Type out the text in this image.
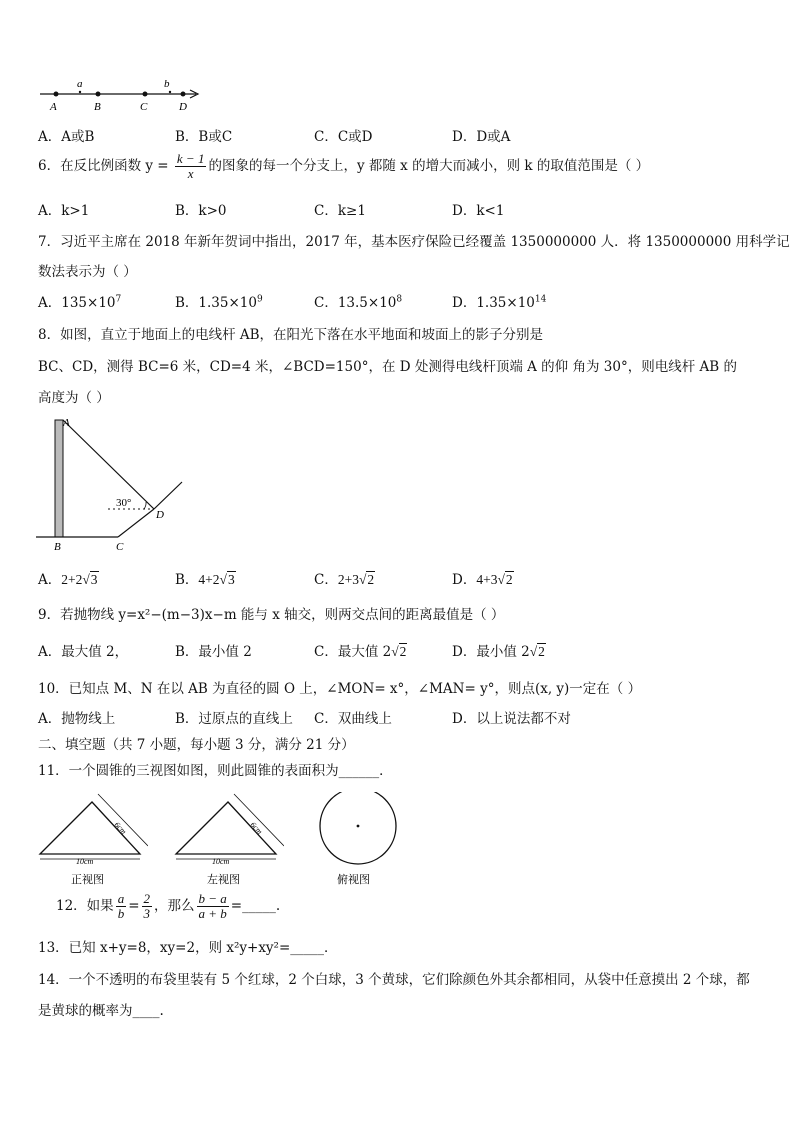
a	b
A	B	C	D
A．A或B	B．B或C	C．C或D	D．D或A
6．在反比例函数 $y = \frac{k - 1}{x}$ 的图象的每一个分支上，y 都随 x 的增大而减小，则 k 的取值范围是（ ）
A．k>1	B．k>0	C．k≥1	D．k<1
7．习近平主席在 2018 年新年贺词中指出，2017 年，基本医疗保险已经覆盖 1350000000 人．将 1350000000 用科学记
数法表示为（ ）
A．$135\times 10^7$	B．$1.35\times 10^9$	C．$13.5\times 10^8$	D．$1.35\times 10^{14}$
8．如图，直立于地面上的电线杆 AB，在阳光下落在水平地面和坡面上的影子分别是
BC、CD，测得 BC=6 米，CD=4 米，∠BCD=150°，在 D 处测得电线杆顶端 A 的仰 角为 30°，则电线杆 AB 的
高度为（ ）
30°
A
B	C
D
A．2+2√3	B．4+2√3	C．2+3√2	D．4+3√2
9．若抛物线 y=x²−(m−3)x−m 能与 x 轴交，则两交点间的距离最值是（ ）
A．最大值 2，	B．最小值 2	C．最大值 2√2	D．最小值 2√2
10．已知点 M、N 在以 AB 为直径的圆 O 上，∠MON= x°，∠MAN= y°，则点(x, y)一定在（ ）
A．抛物线上	B．过原点的直线上 C．双曲线上	D．以上说法都不对
二、填空题（共 7 小题，每小题 3 分，满分 21 分）
11．一个圆锥的三视图如图，则此圆锥的表面积为______．
6cm
10cm
正视图
6cm
10cm
左视图	俯视图
12．如果 $\frac{a}{b} = \frac{2}{3}$ ，那么 $\frac{b - a}{a + b}$ =_____.
13．已知 x+y=8，xy=2，则 x²y+xy²=_____．
14．一个不透明的布袋里装有 5 个红球，2 个白球，3 个黄球，它们除颜色外其余都相同，从袋中任意摸出 2 个球，都
是黄球的概率为____.
